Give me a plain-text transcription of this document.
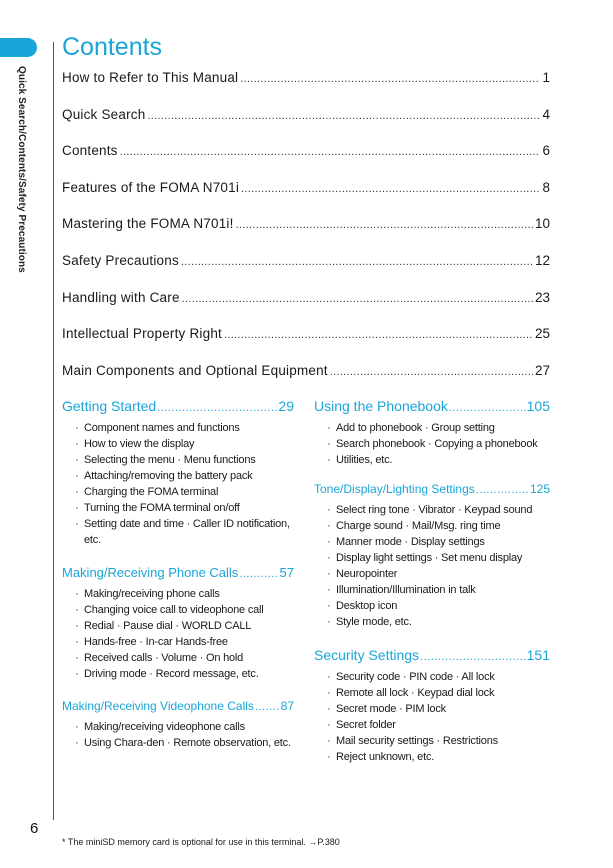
Quick Search/Contents/Safety Precautions
6
Contents
How to Refer to This Manual .....	1
Quick Search .....	4
Contents .....	6
Features of the FOMA N701i .....	8
Mastering the FOMA N701i! .....	10
Safety Precautions .....	12
Handling with Care .....	23
Intellectual Property Right .....	25
Main Components and Optional Equipment .....	27
Getting Started .....	29
· Component names and functions
· How to view the display
· Selecting the menu · Menu functions
· Attaching/removing the battery pack
· Charging the FOMA terminal
· Turning the FOMA terminal on/off
· Setting date and time · Caller ID notification, etc.
Making/Receiving Phone Calls .....	57
· Making/receiving phone calls
· Changing voice call to videophone call
· Redial · Pause dial · WORLD CALL
· Hands-free · In-car Hands-free
· Received calls · Volume · On hold
· Driving mode · Record message, etc.
Making/Receiving Videophone Calls ..... 87
· Making/receiving videophone calls
· Using Chara-den · Remote observation, etc.
Using the Phonebook .....	105
· Add to phonebook · Group setting
· Search phonebook · Copying a phonebook
· Utilities, etc.
Tone/Display/Lighting Settings .....	125
· Select ring tone · Vibrator · Keypad sound
· Charge sound · Mail/Msg. ring time
· Manner mode · Display settings
· Display light settings · Set menu display
· Neuropointer
· Illumination/Illumination in talk
· Desktop icon
· Style mode, etc.
Security Settings .....	151
· Security code · PIN code · All lock
· Remote all lock · Keypad dial lock
· Secret mode · PIM lock
· Secret folder
· Mail security settings · Restrictions
· Reject unknown, etc.
* The miniSD memory card is optional for use in this terminal. →P.380
